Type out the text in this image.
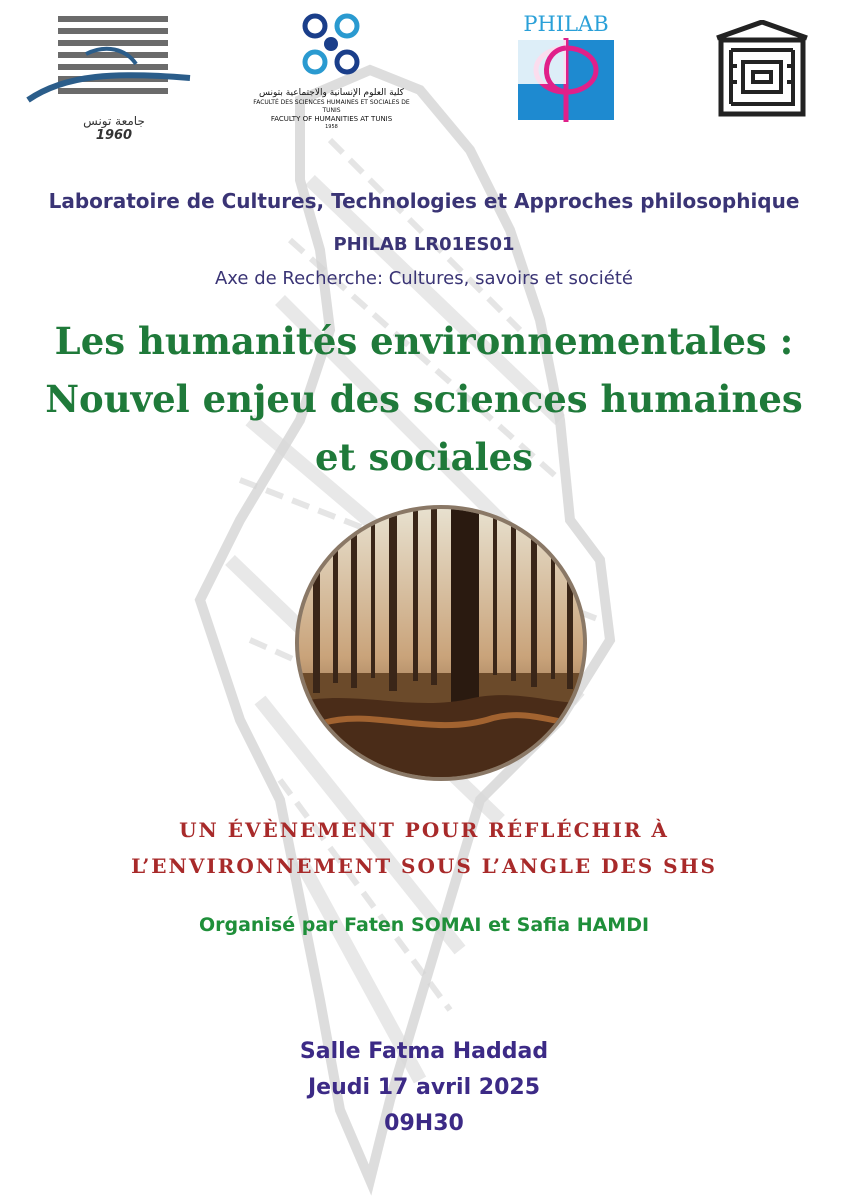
جامعة تونس
1960
كلية العلوم الإنسانية والاجتماعية بتونس
FACULTÉ DES SCIENCES HUMAINES ET SOCIALES DE TUNIS
FACULTY OF HUMANITIES AT TUNIS
1958
PHILAB
Laboratoire de Cultures, Technologies et Approches philosophique
PHILAB LR01ES01
Axe de Recherche: Cultures, savoirs et société
Les humanités environnementales :
Nouvel enjeu des sciences humaines
et sociales
UN ÉVÈNEMENT POUR RÉFLÉCHIR À
L’ENVIRONNEMENT SOUS L’ANGLE DES SHS
Organisé par Faten SOMAI et Safia HAMDI
Salle Fatma Haddad
Jeudi 17 avril 2025
09H30
